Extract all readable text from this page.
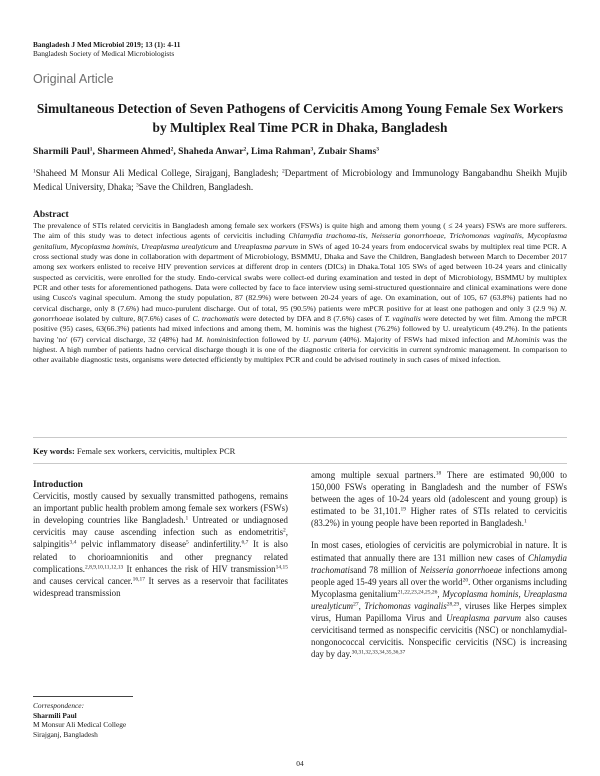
Bangladesh J Med Microbiol 2019; 13 (1): 4-11
Bangladesh Society of Medical Microbiologists
Original Article
Simultaneous Detection of Seven Pathogens of Cervicitis Among Young Female Sex Workers by Multiplex Real Time PCR in Dhaka, Bangladesh
Sharmili Paul$^1$, Sharmeen Ahmed$^2$, Shaheda Anwar$^2$, Lima Rahman$^3$, Zubair Shams$^3$
$^1$Shaheed M Monsur Ali Medical College, Sirajganj, Bangladesh; $^2$Department of Microbiology and Immunology Bangabandhu Sheikh Mujib Medical University, Dhaka; $^3$Save the Children, Bangladesh.
Abstract
The prevalence of STIs related cervicitis in Bangladesh among female sex workers (FSWs) is quite high and among them young ( ≤ 24 years) FSWs are more sufferers. The aim of this study was to detect infectious agents of cervicitis including Chlamydia trachoma-tis, Neisseria gonorrhoeae, Trichomonas vaginalis, Mycoplasma genitalium, Mycoplasma hominis, Ureaplasma urealyticum and Ureaplasma parvum in SWs of aged 10-24 years from endocervical swabs by multiplex real time PCR. A cross sectional study was done in collaboration with department of Microbiology, BSMMU, Dhaka and Save the Children, Bangladesh between March to December 2017 among sex workers enlisted to receive HIV prevention services at different drop in centers (DICs) in Dhaka.Total 105 SWs of aged between 10-24 years and clinically suspected as cervicitis, were enrolled for the study. Endo-cervical swabs were collect-ed during examination and tested in dept of Microbiology, BSMMU by multiplex PCR and other tests for aforementioned pathogens. Data were collected by face to face interview using semi-structured questionnaire and clinical examinations were done using Cusco's vaginal speculum. Among the study population, 87 (82.9%) were between 20-24 years of age. On examination, out of 105, 67 (63.8%) patients had no cervical discharge, only 8 (7.6%) had muco-purulent discharge. Out of total, 95 (90.5%) patients were mPCR positive for at least one pathogen and only 3 (2.9 %) N. gonorrhoeae isolated by culture, 8(7.6%) cases of C. trachomatis were detected by DFA and 8 (7.6%) cases of T. vaginalis were detected by wet film. Among the mPCR positive (95) cases, 63(66.3%) patients had mixed infections and among them, M. hominis was the highest (76.2%) followed by U. urealyticum (49.2%). In the patients having 'no' (67) cervical discharge, 32 (48%) had M. hominisinfection followed by U. parvum (40%). Majority of FSWs had mixed infection and M.hominis was the highest. A high number of patients hadno cervical discharge though it is one of the diagnostic criteria for cervicitis in current syndromic management. In comparison to other available diagnostic tests, organisms were detected efficiently by multiplex PCR and could be advised routinely in such cases of mixed infection.
Key words: Female sex workers, cervicitis, multiplex PCR
Introduction
Cervicitis, mostly caused by sexually transmitted pathogens, remains an important public health problem among female sex workers (FSWs) in developing countries like Bangladesh.$^1$ Untreated or undiagnosed cervicitis may cause ascending infection such as endometritis$^2$, salpingitis$^{3,4}$ pelvic inflammatory disease$^5$ andinfertility.$^{6,7}$ It is also related to chorioamnionitis and other pregnancy related complications.$^{2,8,9,10,11,12,13}$ It enhances the risk of HIV transmission$^{14,15}$ and causes cervical cancer.$^{16,17}$ It serves as a reservoir that facilitates widespread transmission

among multiple sexual partners.$^{18}$ There are estimated 90,000 to 150,000 FSWs operating in Bangladesh and the number of FSWs between the ages of 10-24 years old (adolescent and young group) is estimated to be 31,101.19 Higher rates of STIs related to cervicitis (83.2%) in young people have been reported in Bangladesh.$^1$

In most cases, etiologies of cervicitis are polymicrobial in nature. It is estimated that annually there are 131 million new cases of Chlamydia trachomatisand 78 million of Neisseria gonorrhoeae infections among people aged 15-49 years all over the world$^{20}$. Other organisms including Mycoplasma genitalium$^{21,22,23,24,25,26}$, Mycoplasma hominis, Ureaplasma urealyticum$^{27}$, Trichomonas vaginalis$^{28,29}$, viruses like Herpes simplex virus, Human Papilloma Virus and Ureaplasma parvum also causes cervicitisand termed as nonspecific cervicitis (NSC) or nonchlamydial-nongonococcal cervicitis. Nonspecific cervicitis (NSC) is increasing day by day.$^{30,31,32,33,34,35,36,37}$

Correspondence:
Sharmili Paul
M Monsur Ali Medical College
Sirajganj, Bangladesh
04
